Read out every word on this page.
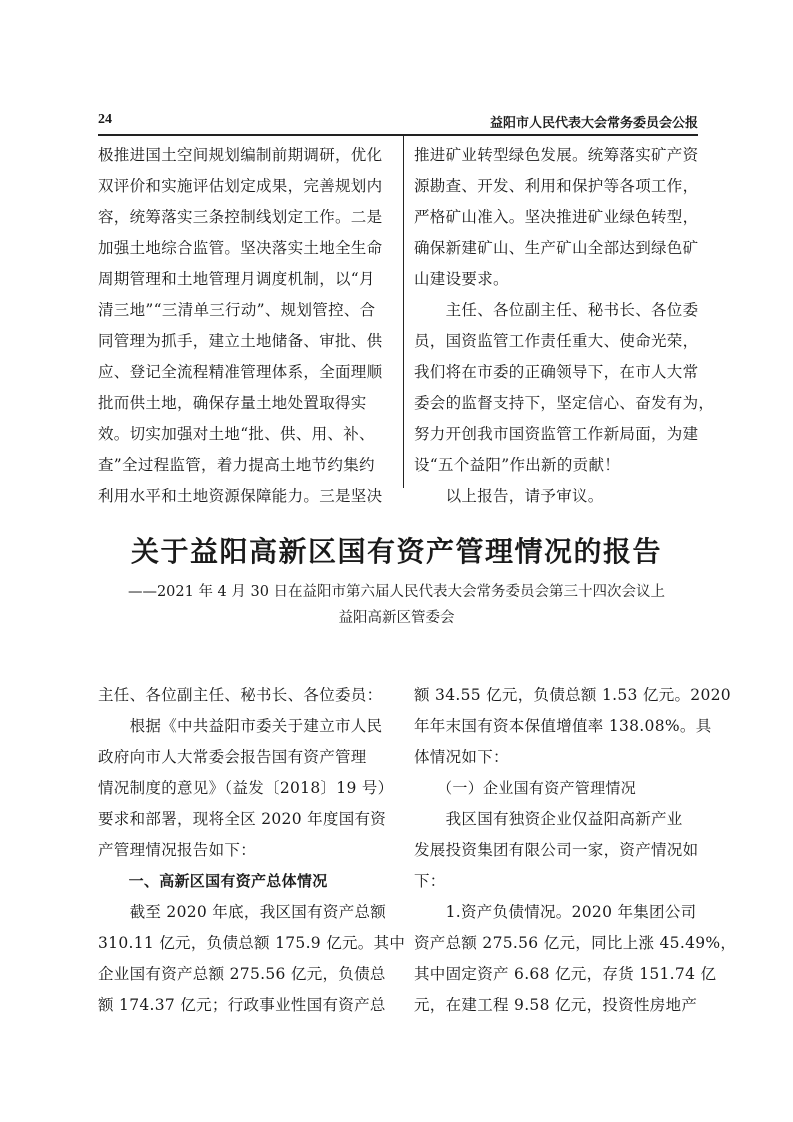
24	益阳市人民代表大会常务委员会公报

极推进国土空间规划编制前期调研，优化

双评价和实施评估划定成果，完善规划内

容，统筹落实三条控制线划定工作。二是

加强土地综合监管。坚决落实土地全生命

周期管理和土地管理月调度机制，以“月

清三地”“三清单三行动”、规划管控、合

同管理为抓手，建立土地储备、审批、供

应、登记全流程精准管理体系，全面理顺

批而供土地，确保存量土地处置取得实

效。切实加强对土地“批、供、用、补、

查”全过程监管，着力提高土地节约集约

利用水平和土地资源保障能力。三是坚决

推进矿业转型绿色发展。统筹落实矿产资

源勘查、开发、利用和保护等各项工作，

严格矿山准入。坚决推进矿业绿色转型，

确保新建矿山、生产矿山全部达到绿色矿

山建设要求。

　　主任、各位副主任、秘书长、各位委

员，国资监管工作责任重大、使命光荣，

我们将在市委的正确领导下，在市人大常

委会的监督支持下，坚定信心、奋发有为，

努力开创我市国资监管工作新局面，为建

设“五个益阳”作出新的贡献！

　　以上报告，请予审议。

关于益阳高新区国有资产管理情况的报告
——2021 年 4 月 30 日在益阳市第六届人民代表大会常务委员会第三十四次会议上
益阳高新区管委会

主任、各位副主任、秘书长、各位委员：

　　根据《中共益阳市委关于建立市人民

政府向市人大常委会报告国有资产管理

情况制度的意见》（益发〔2018〕19 号）

要求和部署，现将全区 2020 年度国有资

产管理情况报告如下：

　　一、高新区国有资产总体情况

　　截至 2020 年底，我区国有资产总额

310.11 亿元，负债总额 175.9 亿元。其中

企业国有资产总额 275.56 亿元，负债总

额 174.37 亿元；行政事业性国有资产总

额 34.55 亿元，负债总额 1.53 亿元。2020

年年末国有资本保值增值率 138.08%。具

体情况如下：

　　（一）企业国有资产管理情况

　　我区国有独资企业仅益阳高新产业

发展投资集团有限公司一家，资产情况如

下：

　　1.资产负债情况。2020 年集团公司

资产总额 275.56 亿元，同比上涨 45.49%，

其中固定资产 6.68 亿元，存货 151.74 亿

元，在建工程 9.58 亿元，投资性房地产
